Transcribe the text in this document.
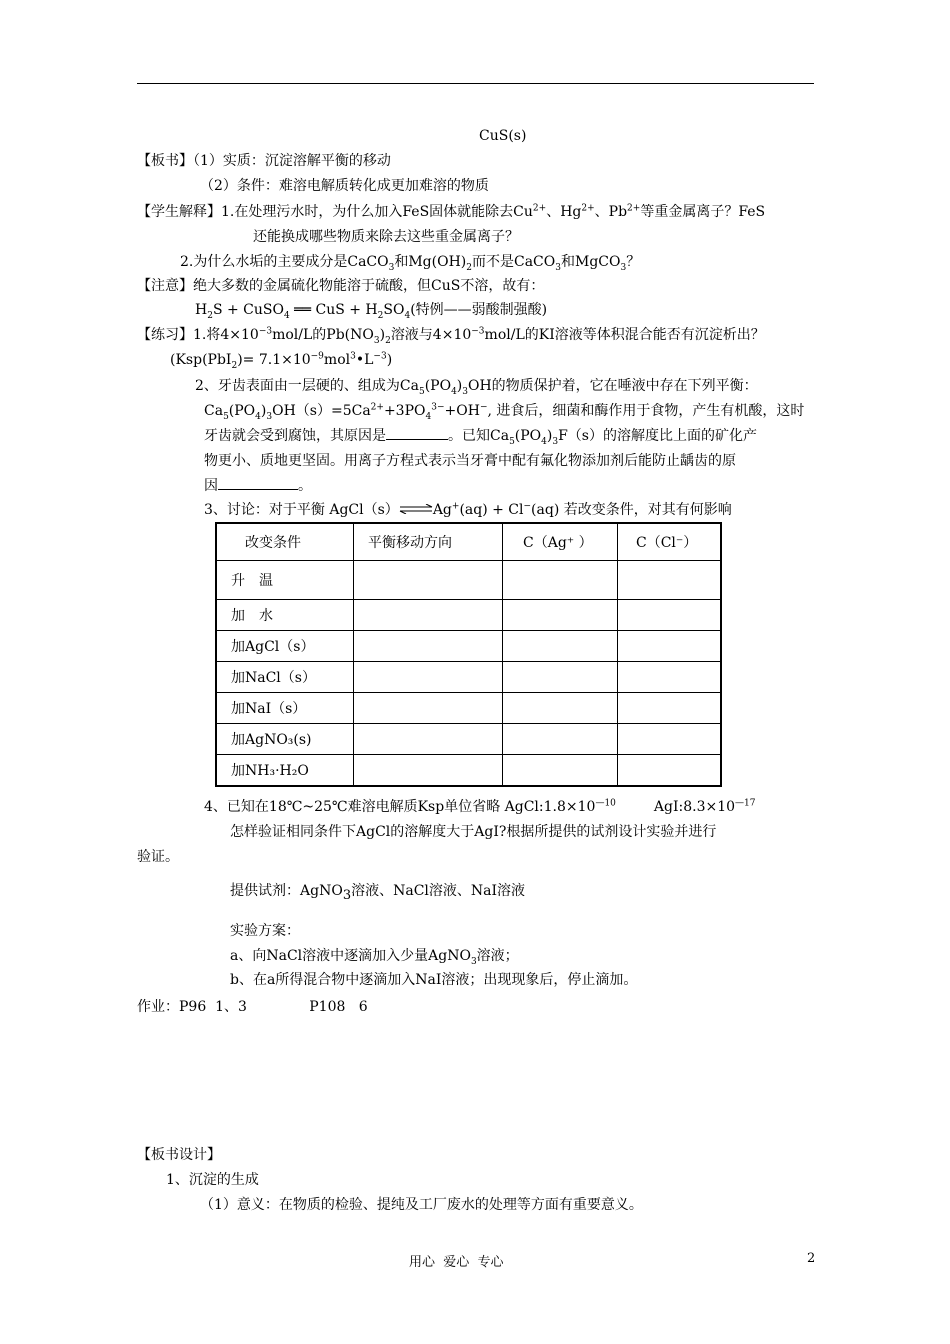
CuS(s)
【板书】（1）实质：沉淀溶解平衡的移动
（2）条件：难溶电解质转化成更加难溶的物质
【学生解释】1.在处理污水时，为什么加入FeS固体就能除去$Cu^{2+}$、$Hg^{2+}$、$Pb^{2+}$等重金属离子？FeS
还能换成哪些物质来除去这些重金属离子？
2.为什么水垢的主要成分是CaCO$_3$和$Mg(OH)_2$而不是CaCO$_3$和MgCO$_3$？
【注意】绝大多数的金属硫化物能溶于硫酸，但CuS不溶，故有：
$H_2S$ + CuSO$_4$ ══ CuS + $H_2SO_4$(特例——弱酸制强酸)
【练习】1.将$4\times 10^{-3}mol/L$的$Pb(NO_3)_2$溶液与$4\times 10^{-3}mol/L$的KI溶液等体积混合能否有沉淀析出？
$(Ksp(PbI_2)= 7.1\times 10^{-9}mol^3•L^{-3})$
2、牙齿表面由一层硬的、组成为$Ca_5(PO_4)_3OH$的物质保护着，它在唾液中存在下列平衡：
$Ca_5(PO_4)_3OH(s)=5Ca^{2+}+3PO_4^{3-}+OH^-$, 进食后，细菌和酶作用于食物，产生有机酸，这时
牙齿就会受到腐蚀，其原因是	。已知$Ca_5(PO_4)_3F(s)$的溶解度比上面的矿化产
物更小、质地更坚固。用离子方程式表示当牙膏中配有氟化物添加剂后能防止龋齿的原
因	。
3、讨论：对于平衡 AgCl（s）⇌Ag+(aq) + Cl−(aq) 若改变条件，对其有何影响
改变条件	平衡移动方向	C（Ag⁺ ）	C（Cl⁻）
升　温			
加　水			
加AgCl（s）			
加NaCl（s）			
加NaI（s）			
加AgNO₃(s)			
加NH₃·H₂O			
4、已知在18℃~25℃难溶电解质Ksp单位省略 $AgCl:1.8\times 10^{—10}$	$AgI:8.3\times 10^{—17}$
怎样验证相同条件下AgCl的溶解度大于AgI?根据所提供的试剂设计实验并进行
验证。
提供试剂：AgNO$_3$溶液、NaCl溶液、NaI溶液
实验方案：
a、向NaCl溶液中逐滴加入少量AgNO$_3$溶液；
b、在a所得混合物中逐滴加入NaI溶液；出现现象后，停止滴加。
作业：P96  1、3              P108   6
【板书设计】
1、沉淀的生成
（1）意义：在物质的检验、提纯及工厂废水的处理等方面有重要意义。
用心  爱心  专心	2
